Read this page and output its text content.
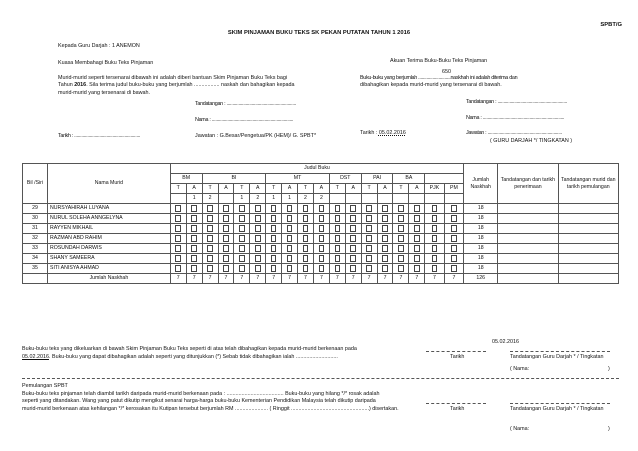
SPBT/G
SKIM PINJAMAN BUKU TEKS SK PEKAN PUTATAN TAHUN 1 2016
Kepada Guru Darjah : 1 ANEMON
Kuasa Membahagi Buku Teks Pinjaman
Murid-murid seperti tersenarai dibawah ini adalah diberi bantuan Skim Pinjaman Buku Teks bagi
Tahun 2016. Sila terima judul buku-buku yang berjumlah ................. naskah dan bahagikan kepada
murid-murid yang tersenarai di bawah.
Tandatangan : ..........................................................
Nama : ....................................................................
Tarikh : .......................................................	Jawatan : G.Besar/Pengetua/PK (HEM)/ G. SPBT*
Akuan Terima Buku-Buku Teks Pinjaman
650
Buku-buku yang berjumlah ...........................naskhah ini adalah diterima dan
dibahagikan kepada murid-murid yang tersenarai di bawah.
Tandatangan : ..........................................................
Nama : ....................................................................
Tarikh : 05.02.2016	Jawatan : ..............................................................
( GURU DARJAH */ TINGKATAN )
Bil /Siri	Nama Murid	Judul Buku																		Jumlah Naskhah	Tandatangan dan tarikh penerimaan	Tandatangan murid dan tarikh pemulangan
		BM		BI				MT				DST		PAI		BA						
		T	A	T	A	T	A	T	A	T	A	T	A	T	A	T	A	PJK	PM			
			1	2		1	2	1	1	2	2											
29	NURSYAHIRAH LUYANA																			18		
30	NURUL SOLEHA ANNGELYNA																			18		
31	RAYYEN MIKHAIL																			18		
32	RAZMAN ABD RAHIM																			18		
33	ROSUNDAH DARWIS																			18		
34	SHANY SAMEERA																			18		
35	SITI ANISYA AHMAD																			18		
	Jumlah Naskhah	7	7	7	7	7	7	7	7	7	7	7	7	7	7	7	7	7	7	126		
05.02.2016
Buku-buku teks yang dikeluarkan di bawah Skim Pinjaman Buku Teks seperti di atas telah dibahagikan kepada murid-murid berkenaan pada
05.02.2016. Buku-buku yang dapat dibahagikan adalah seperti yang ditunjukkan (*) Sebab tidak dibahagikan ialah ............................	Tarikh	Tandatangan Guru Darjah * / Tingkatan
( Nama:	)
Pemulangan SPBT
Buku-buku teks pinjaman telah diambil tarikh daripada murid-murid berkenaan pada : ...................................... Buku-buku yang hilang */* rosak adalah
seperti yang ditandakan. Wang yang patut dikutip mengikut senarai harga-harga buku-buku Kementerian Pendidikan Malaysia telah dikutip daripada
murid-murid berkenaan atas kehilangan */* kerosakan itu Kutipan tersebut berjumlah RM ...................... ( Ringgit ....................................................) disertakan.	Tarikh	Tandatangan Guru Darjah * / Tingkatan
( Nama:	)
